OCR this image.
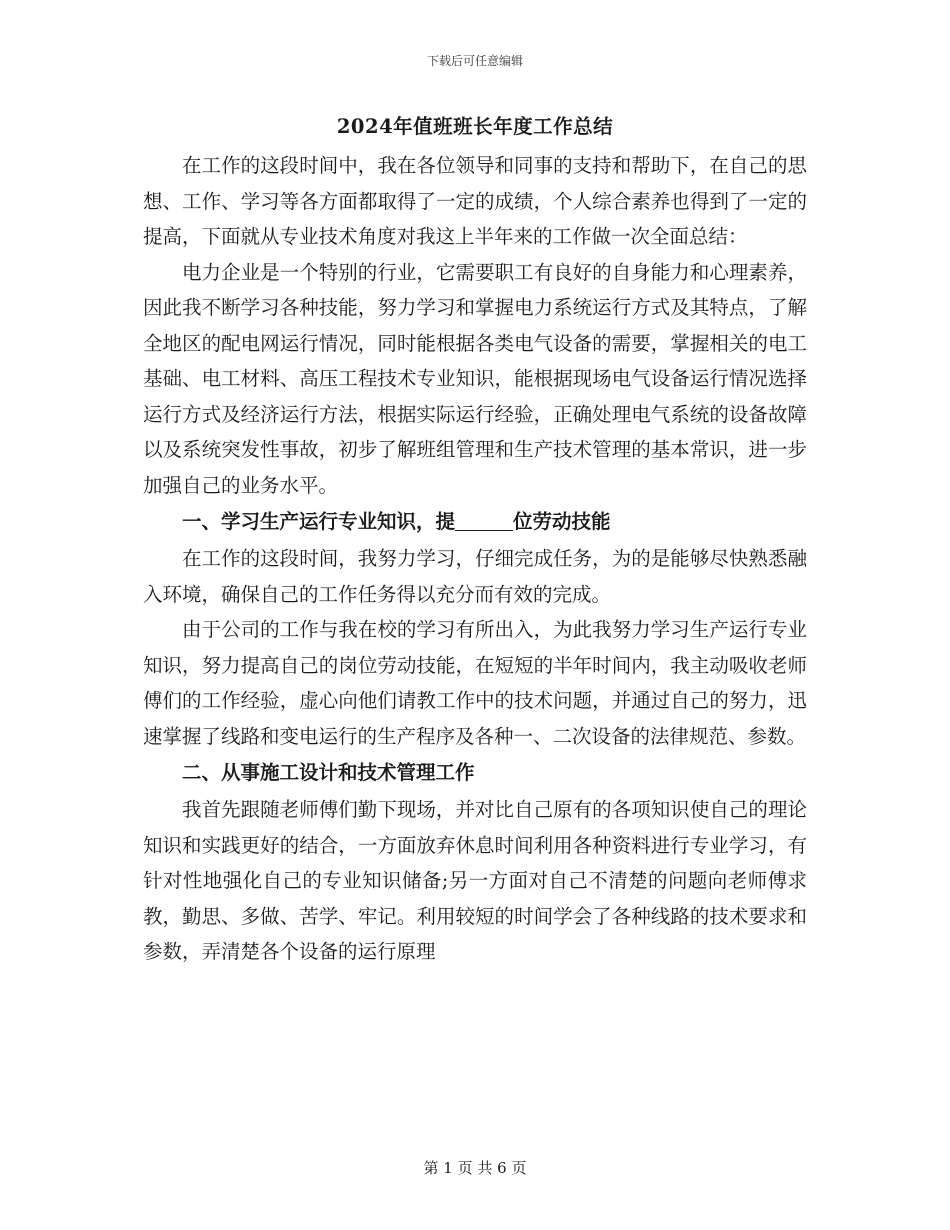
下载后可任意编辑
2024年值班班长年度工作总结

在工作的这段时间中，我在各位领导和同事的支持和帮助下，在自己的思想、工作、学习等各方面都取得了一定的成绩，个人综合素养也得到了一定的提高，下面就从专业技术角度对我这上半年来的工作做一次全面总结：

电力企业是一个特别的行业，它需要职工有良好的自身能力和心理素养，因此我不断学习各种技能，努力学习和掌握电力系统运行方式及其特点，了解全地区的配电网运行情况，同时能根据各类电气设备的需要，掌握相关的电工基础、电工材料、高压工程技术专业知识，能根据现场电气设备运行情况选择运行方式及经济运行方法，根据实际运行经验，正确处理电气系统的设备故障以及系统突发性事故，初步了解班组管理和生产技术管理的基本常识，进一步加强自己的业务水平。

一、学习生产运行专业知识，提	位劳动技能

在工作的这段时间，我努力学习，仔细完成任务，为的是能够尽快熟悉融入环境，确保自己的工作任务得以充分而有效的完成。

由于公司的工作与我在校的学习有所出入，为此我努力学习生产运行专业知识，努力提高自己的岗位劳动技能，在短短的半年时间内，我主动吸收老师傅们的工作经验，虚心向他们请教工作中的技术问题，并通过自己的努力，迅速掌握了线路和变电运行的生产程序及各种一、二次设备的法律规范、参数。

二、从事施工设计和技术管理工作

我首先跟随老师傅们勤下现场，并对比自己原有的各项知识使自己的理论知识和实践更好的结合，一方面放弃休息时间利用各种资料进行专业学习，有针对性地强化自己的专业知识储备;另一方面对自己不清楚的问题向老师傅求教，勤思、多做、苦学、牢记。利用较短的时间学会了各种线路的技术要求和参数，弄清楚各个设备的运行原理

第 1 页 共 6 页
